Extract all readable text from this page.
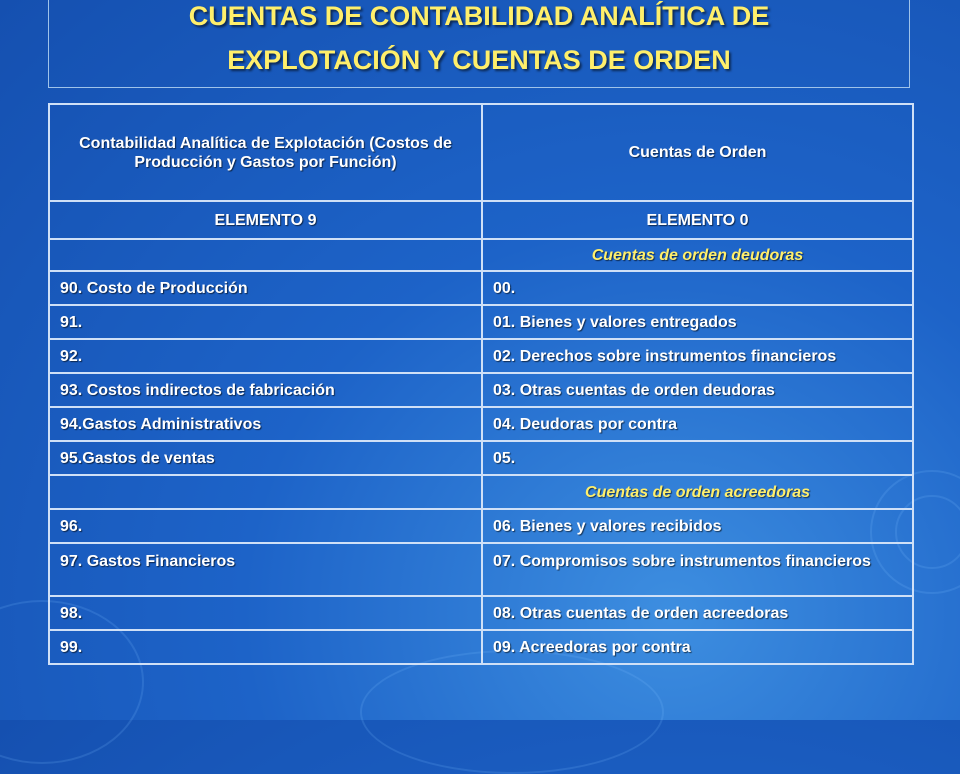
CUENTAS DE CONTABILIDAD ANALÍTICA DE
EXPLOTACIÓN Y CUENTAS DE ORDEN
Contabilidad Analítica de Explotación (Costos de Producción y Gastos por Función)	Cuentas de Orden
ELEMENTO 9	ELEMENTO 0
	Cuentas de orden deudoras
90. Costo de Producción	00.
91.	01. Bienes y valores entregados
92.	02. Derechos sobre instrumentos financieros
93. Costos indirectos de fabricación	03. Otras cuentas de orden deudoras
94.Gastos Administrativos	04. Deudoras por contra
95.Gastos de ventas	05.
	Cuentas de orden acreedoras
96.	06. Bienes y valores recibidos
97. Gastos Financieros	07. Compromisos sobre instrumentos financieros
98.	08. Otras cuentas de orden acreedoras
99.	09. Acreedoras por contra
